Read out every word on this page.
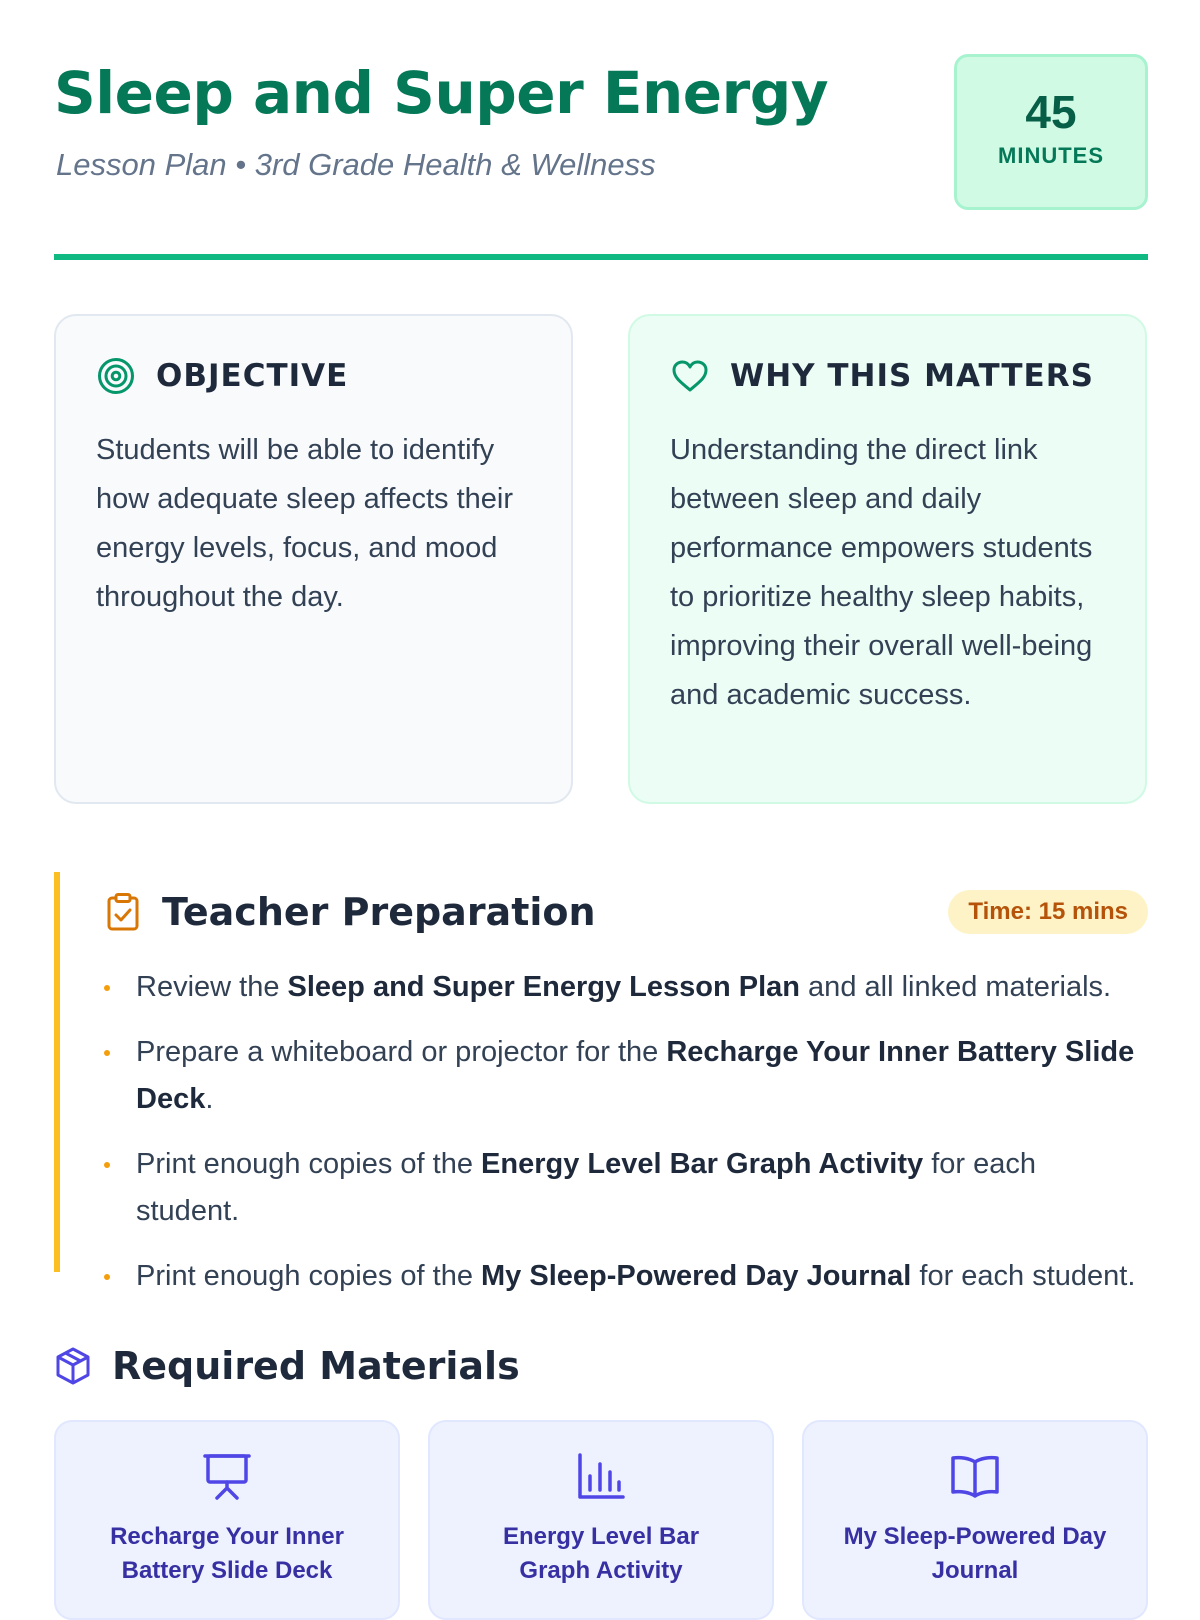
Sleep and Super Energy

Lesson Plan • 3rd Grade Health & Wellness

45
MINUTES
OBJECTIVE

Students will be able to identify how adequate sleep affects their energy levels, focus, and mood throughout the day.

WHY THIS MATTERS

Understanding the direct link between sleep and daily performance empowers students to prioritize healthy sleep habits, improving their overall well-being and academic success.

Teacher Preparation	Time: 15 mins
Review the Sleep and Super Energy Lesson Plan and all linked materials.
Prepare a whiteboard or projector for the Recharge Your Inner Battery Slide Deck.
Print enough copies of the Energy Level Bar Graph Activity for each student.
Print enough copies of the My Sleep-Powered Day Journal for each student.
Required Materials
Recharge Your Inner Battery Slide Deck
Energy Level Bar Graph Activity
My Sleep-Powered Day Journal
